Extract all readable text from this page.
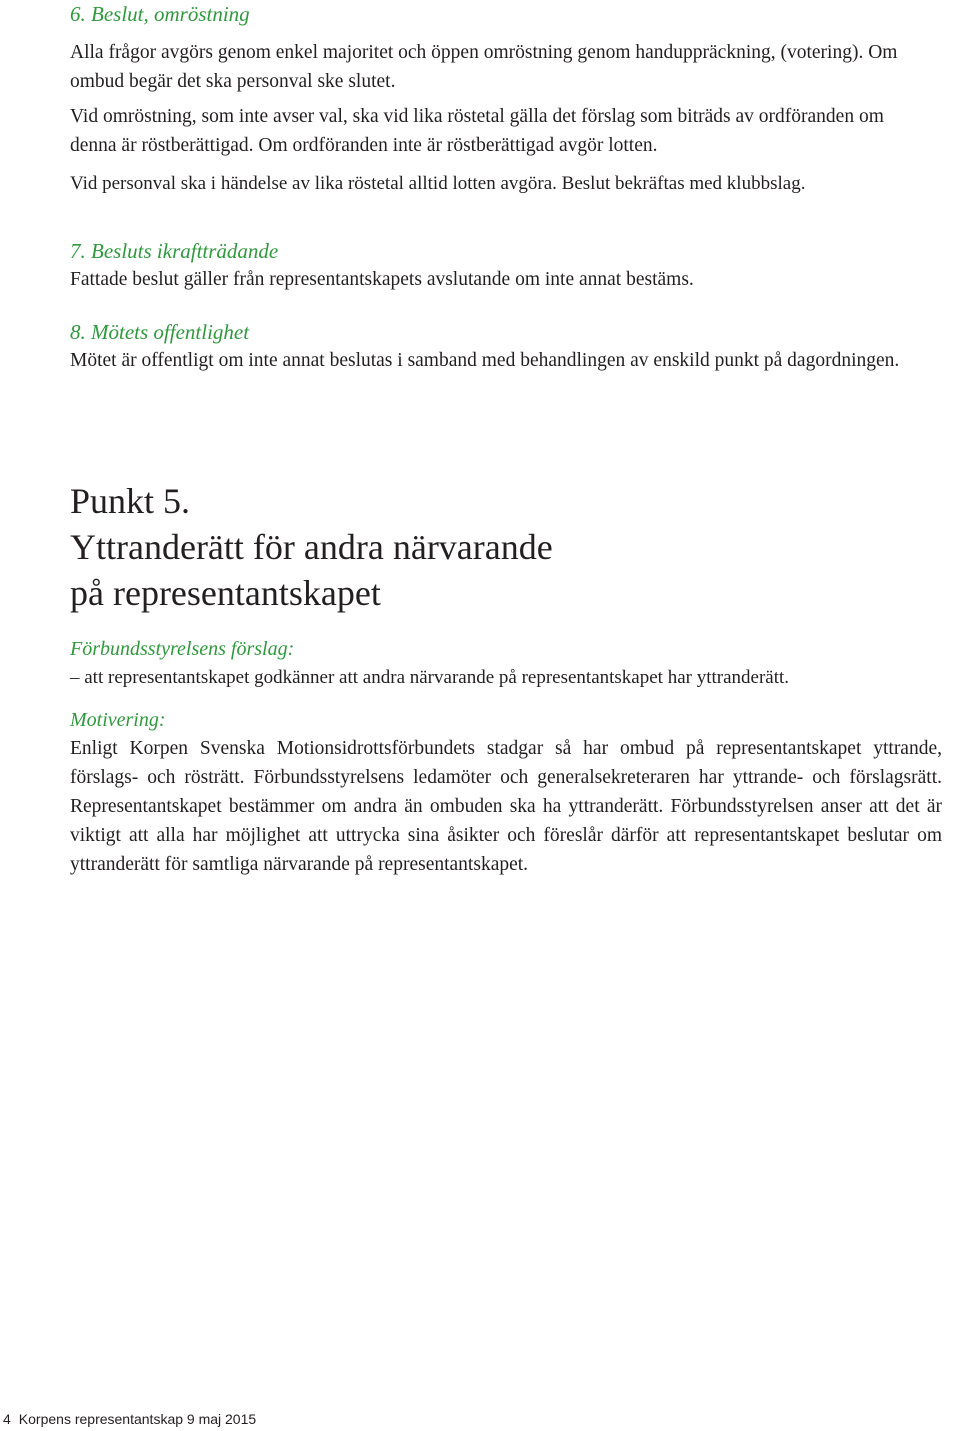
6. Beslut, omröstning

Alla frågor avgörs genom enkel majoritet och öppen omröstning genom handuppräckning, (votering). Om ombud begär det ska personval ske slutet.

Vid omröstning, som inte avser val, ska vid lika röstetal gälla det förslag som biträds av ordföranden om denna är röstberättigad. Om ordföranden inte är röstberättigad avgör lotten.

Vid personval ska i händelse av lika röstetal alltid lotten avgöra. Beslut bekräftas med klubbslag.

7. Besluts ikraftträdande

Fattade beslut gäller från representantskapets avslutande om inte annat bestäms.

8. Mötets offentlighet

Mötet är offentligt om inte annat beslutas i samband med behandlingen av enskild punkt på dagordningen.

Punkt 5.
Yttranderätt för andra närvarande
på representantskapet
Förbundsstyrelsens förslag:

– att representantskapet godkänner att andra närvarande på representantskapet har yttranderätt.

Motivering:

Enligt Korpen Svenska Motionsidrottsförbundets stadgar så har ombud på representantskapet yttrande, förslags- och rösträtt. Förbundsstyrelsens ledamöter och generalsekreteraren har yttrande- och förslagsrätt. Representantskapet bestämmer om andra än ombuden ska ha yttranderätt. Förbundsstyrelsen anser att det är viktigt att alla har möjlighet att uttrycka sina åsikter och föreslår därför att representantskapet beslutar om yttranderätt för samtliga närvarande på representantskapet.

4 Korpens representantskap 9 maj 2015
